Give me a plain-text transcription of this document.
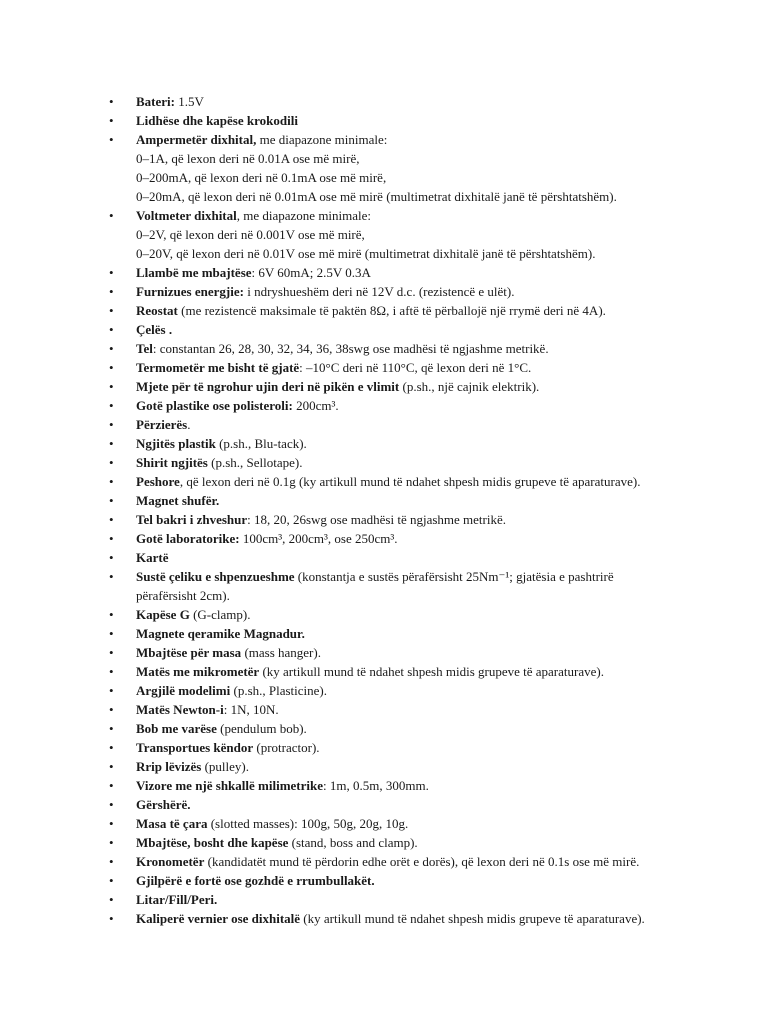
• Bateri: 1.5V
• Lidhëse dhe kapëse krokodili
• Ampermetër dixhital, me diapazone minimale:
0–1A, që lexon deri në 0.01A ose më mirë,
0–200mA, që lexon deri në 0.1mA ose më mirë,
0–20mA, që lexon deri në 0.01mA ose më mirë (multimetrat dixhitalë janë të përshtatshëm).
• Voltmeter dixhital, me diapazone minimale:
0–2V, që lexon deri në 0.001V ose më mirë,
0–20V, që lexon deri në 0.01V ose më mirë (multimetrat dixhitalë janë të përshtatshëm).
• Llambë me mbajtëse: 6V 60mA; 2.5V 0.3A
• Furnizues energjie: i ndryshueshëm deri në 12V d.c. (rezistencë e ulët).
• Reostat (me rezistencë maksimale të paktën 8Ω, i aftë të përballojë një rrymë deri në 4A).
• Çelës .
• Tel: constantan 26, 28, 30, 32, 34, 36, 38swg ose madhësi të ngjashme metrikë.
• Termometër me bisht të gjatë: –10°C deri në 110°C, që lexon deri në 1°C.
• Mjete për të ngrohur ujin deri në pikën e vlimit (p.sh., një cajnik elektrik).
• Gotë plastike ose polisteroli: 200cm³.
• Përzierës.
• Ngjitës plastik (p.sh., Blu-tack).
• Shirit ngjitës (p.sh., Sellotape).
• Peshore, që lexon deri në 0.1g (ky artikull mund të ndahet shpesh midis grupeve të aparaturave).
• Magnet shufër.
• Tel bakri i zhveshur: 18, 20, 26swg ose madhësi të ngjashme metrikë.
• Gotë laboratorike: 100cm³, 200cm³, ose 250cm³.
• Kartë
• Sustë çeliku e shpenzueshme (konstantja e sustës përafërsisht 25Nm⁻¹; gjatësia e pashtrirë
përafërsisht 2cm).
• Kapëse G (G-clamp).
• Magnete qeramike Magnadur.
• Mbajtëse për masa (mass hanger).
• Matës me mikrometër (ky artikull mund të ndahet shpesh midis grupeve të aparaturave).
• Argjilë modelimi (p.sh., Plasticine).
• Matës Newton-i: 1N, 10N.
• Bob me varëse (pendulum bob).
• Transportues këndor (protractor).
• Rrip lëvizës (pulley).
• Vizore me një shkallë milimetrike: 1m, 0.5m, 300mm.
• Gërshërë.
• Masa të çara (slotted masses): 100g, 50g, 20g, 10g.
• Mbajtëse, bosht dhe kapëse (stand, boss and clamp).
• Kronometër (kandidatët mund të përdorin edhe orët e dorës), që lexon deri në 0.1s ose më mirë.
• Gjilpërë e fortë ose gozhdë e rrumbullakët.
• Litar/Fill/Peri.
• Kaliperë vernier ose dixhitalë (ky artikull mund të ndahet shpesh midis grupeve të aparaturave).
